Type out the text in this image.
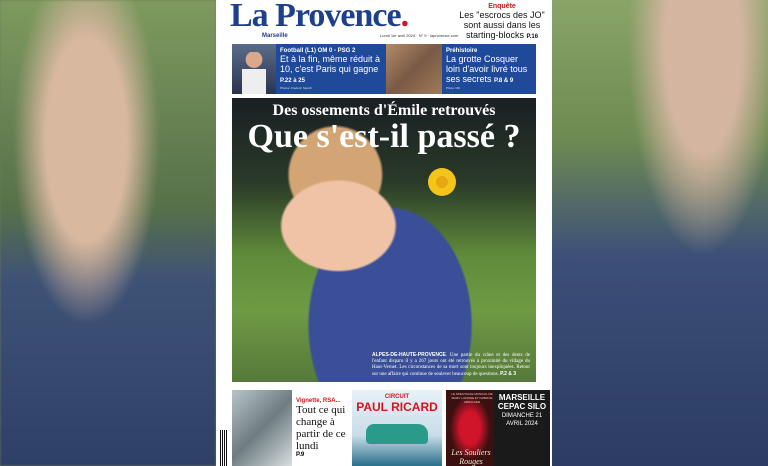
La Provence.
Marseille	Lundi 1er avril 2024 · N° 9 · laprovence.com
Enquête
Les "escrocs des JO" sont aussi dans les starting-blocks P.16
Football (L1) OM 0 - PSG 2
Et à la fin, même réduit à 10, c'est Paris qui gagne P.22 à 25
Photos: Frederic Speich
Préhistoire
La grotte Cosquer loin d'avoir livré tous ses secrets P.8 & 9
Photo: DR
Des ossements d'Émile retrouvés
Que s'est-il passé ?
ALPES-DE-HAUTE-PROVENCE. Une partie du crâne et des dents de l'enfant disparu il y a 267 jours ont été retrouvés à proximité du village du Haut-Vernet. Les circonstances de sa mort sont toujours inexpliquées. Retour sur une affaire qui continue de soulever beaucoup de questions. P.2 & 3
Vignette, RSA...
Tout ce qui change à partir de ce lundi
P.9
CIRCUIT
PAUL RICARD
LE SPECTACLE MUSICAL DE MARC LAVOINE ET FABRICE ABOULKER
Les Souliers Rouges
MARSEILLE
CEPAC SILO
DIMANCHE 21 AVRIL 2024
